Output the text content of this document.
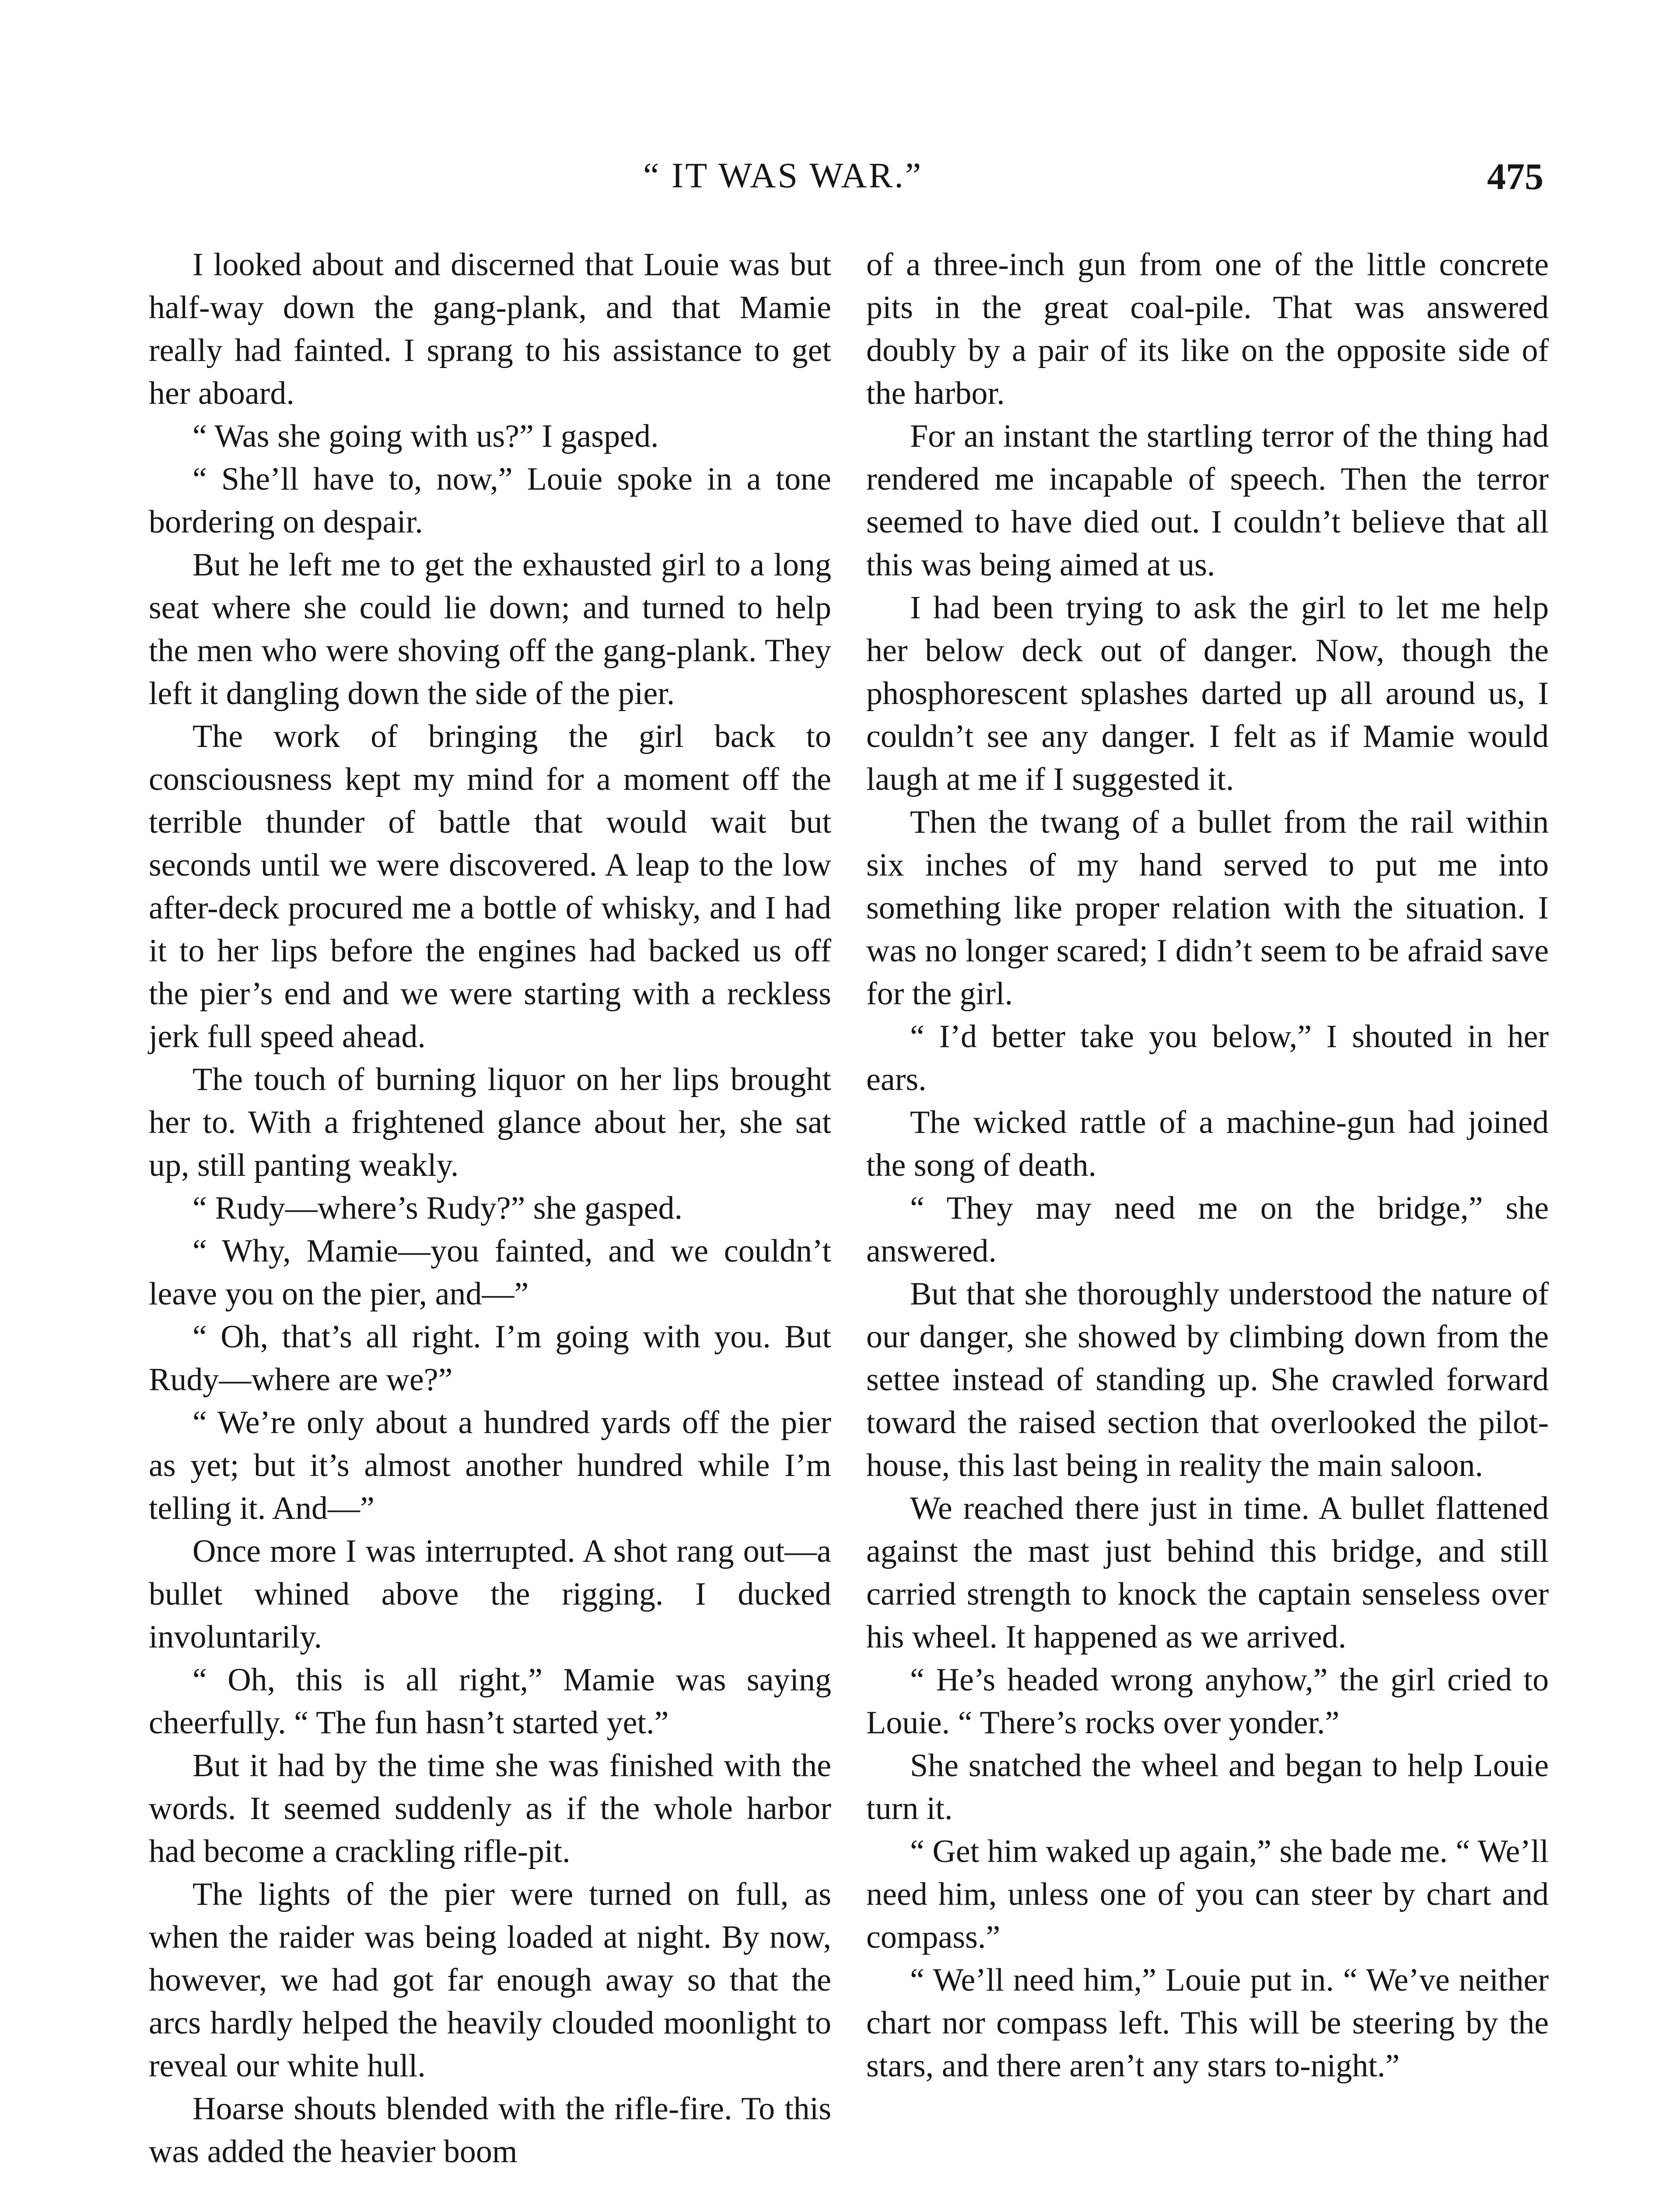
“ IT WAS WAR.”	475

I looked about and discerned that Louie was but half-way down the gang-plank, and that Mamie really had fainted. I sprang to his assistance to get her aboard.

“ Was she going with us?” I gasped.

“ She’ll have to, now,” Louie spoke in a tone bordering on despair.

But he left me to get the exhausted girl to a long seat where she could lie down; and turned to help the men who were shoving off the gang-plank. They left it dangling down the side of the pier.

The work of bringing the girl back to consciousness kept my mind for a moment off the terrible thunder of battle that would wait but seconds until we were discovered. A leap to the low after-deck procured me a bottle of whisky, and I had it to her lips before the engines had backed us off the pier’s end and we were starting with a reckless jerk full speed ahead.

The touch of burning liquor on her lips brought her to. With a frightened glance about her, she sat up, still panting weakly.

“ Rudy—where’s Rudy?” she gasped.

“ Why, Mamie—you fainted, and we couldn’t leave you on the pier, and—”

“ Oh, that’s all right. I’m going with you. But Rudy—where are we?”

“ We’re only about a hundred yards off the pier as yet; but it’s almost another hundred while I’m telling it. And—”

Once more I was interrupted. A shot rang out—a bullet whined above the rigging. I ducked involuntarily.

“ Oh, this is all right,” Mamie was saying cheerfully. “ The fun hasn’t started yet.”

But it had by the time she was finished with the words. It seemed suddenly as if the whole harbor had become a crackling rifle-pit.

The lights of the pier were turned on full, as when the raider was being loaded at night. By now, however, we had got far enough away so that the arcs hardly helped the heavily clouded moonlight to reveal our white hull.

Hoarse shouts blended with the rifle-fire. To this was added the heavier boom

of a three-inch gun from one of the little concrete pits in the great coal-pile. That was answered doubly by a pair of its like on the opposite side of the harbor.

For an instant the startling terror of the thing had rendered me incapable of speech. Then the terror seemed to have died out. I couldn’t believe that all this was being aimed at us.

I had been trying to ask the girl to let me help her below deck out of danger. Now, though the phosphorescent splashes darted up all around us, I couldn’t see any danger. I felt as if Mamie would laugh at me if I suggested it.

Then the twang of a bullet from the rail within six inches of my hand served to put me into something like proper relation with the situation. I was no longer scared; I didn’t seem to be afraid save for the girl.

“ I’d better take you below,” I shouted in her ears.

The wicked rattle of a machine-gun had joined the song of death.

“ They may need me on the bridge,” she answered.

But that she thoroughly understood the nature of our danger, she showed by climbing down from the settee instead of standing up. She crawled forward toward the raised section that overlooked the pilot-house, this last being in reality the main saloon.

We reached there just in time. A bullet flattened against the mast just behind this bridge, and still carried strength to knock the captain senseless over his wheel. It happened as we arrived.

“ He’s headed wrong anyhow,” the girl cried to Louie. “ There’s rocks over yonder.”

She snatched the wheel and began to help Louie turn it.

“ Get him waked up again,” she bade me. “ We’ll need him, unless one of you can steer by chart and compass.”

“ We’ll need him,” Louie put in. “ We’ve neither chart nor compass left. This will be steering by the stars, and there aren’t any stars to-night.”
